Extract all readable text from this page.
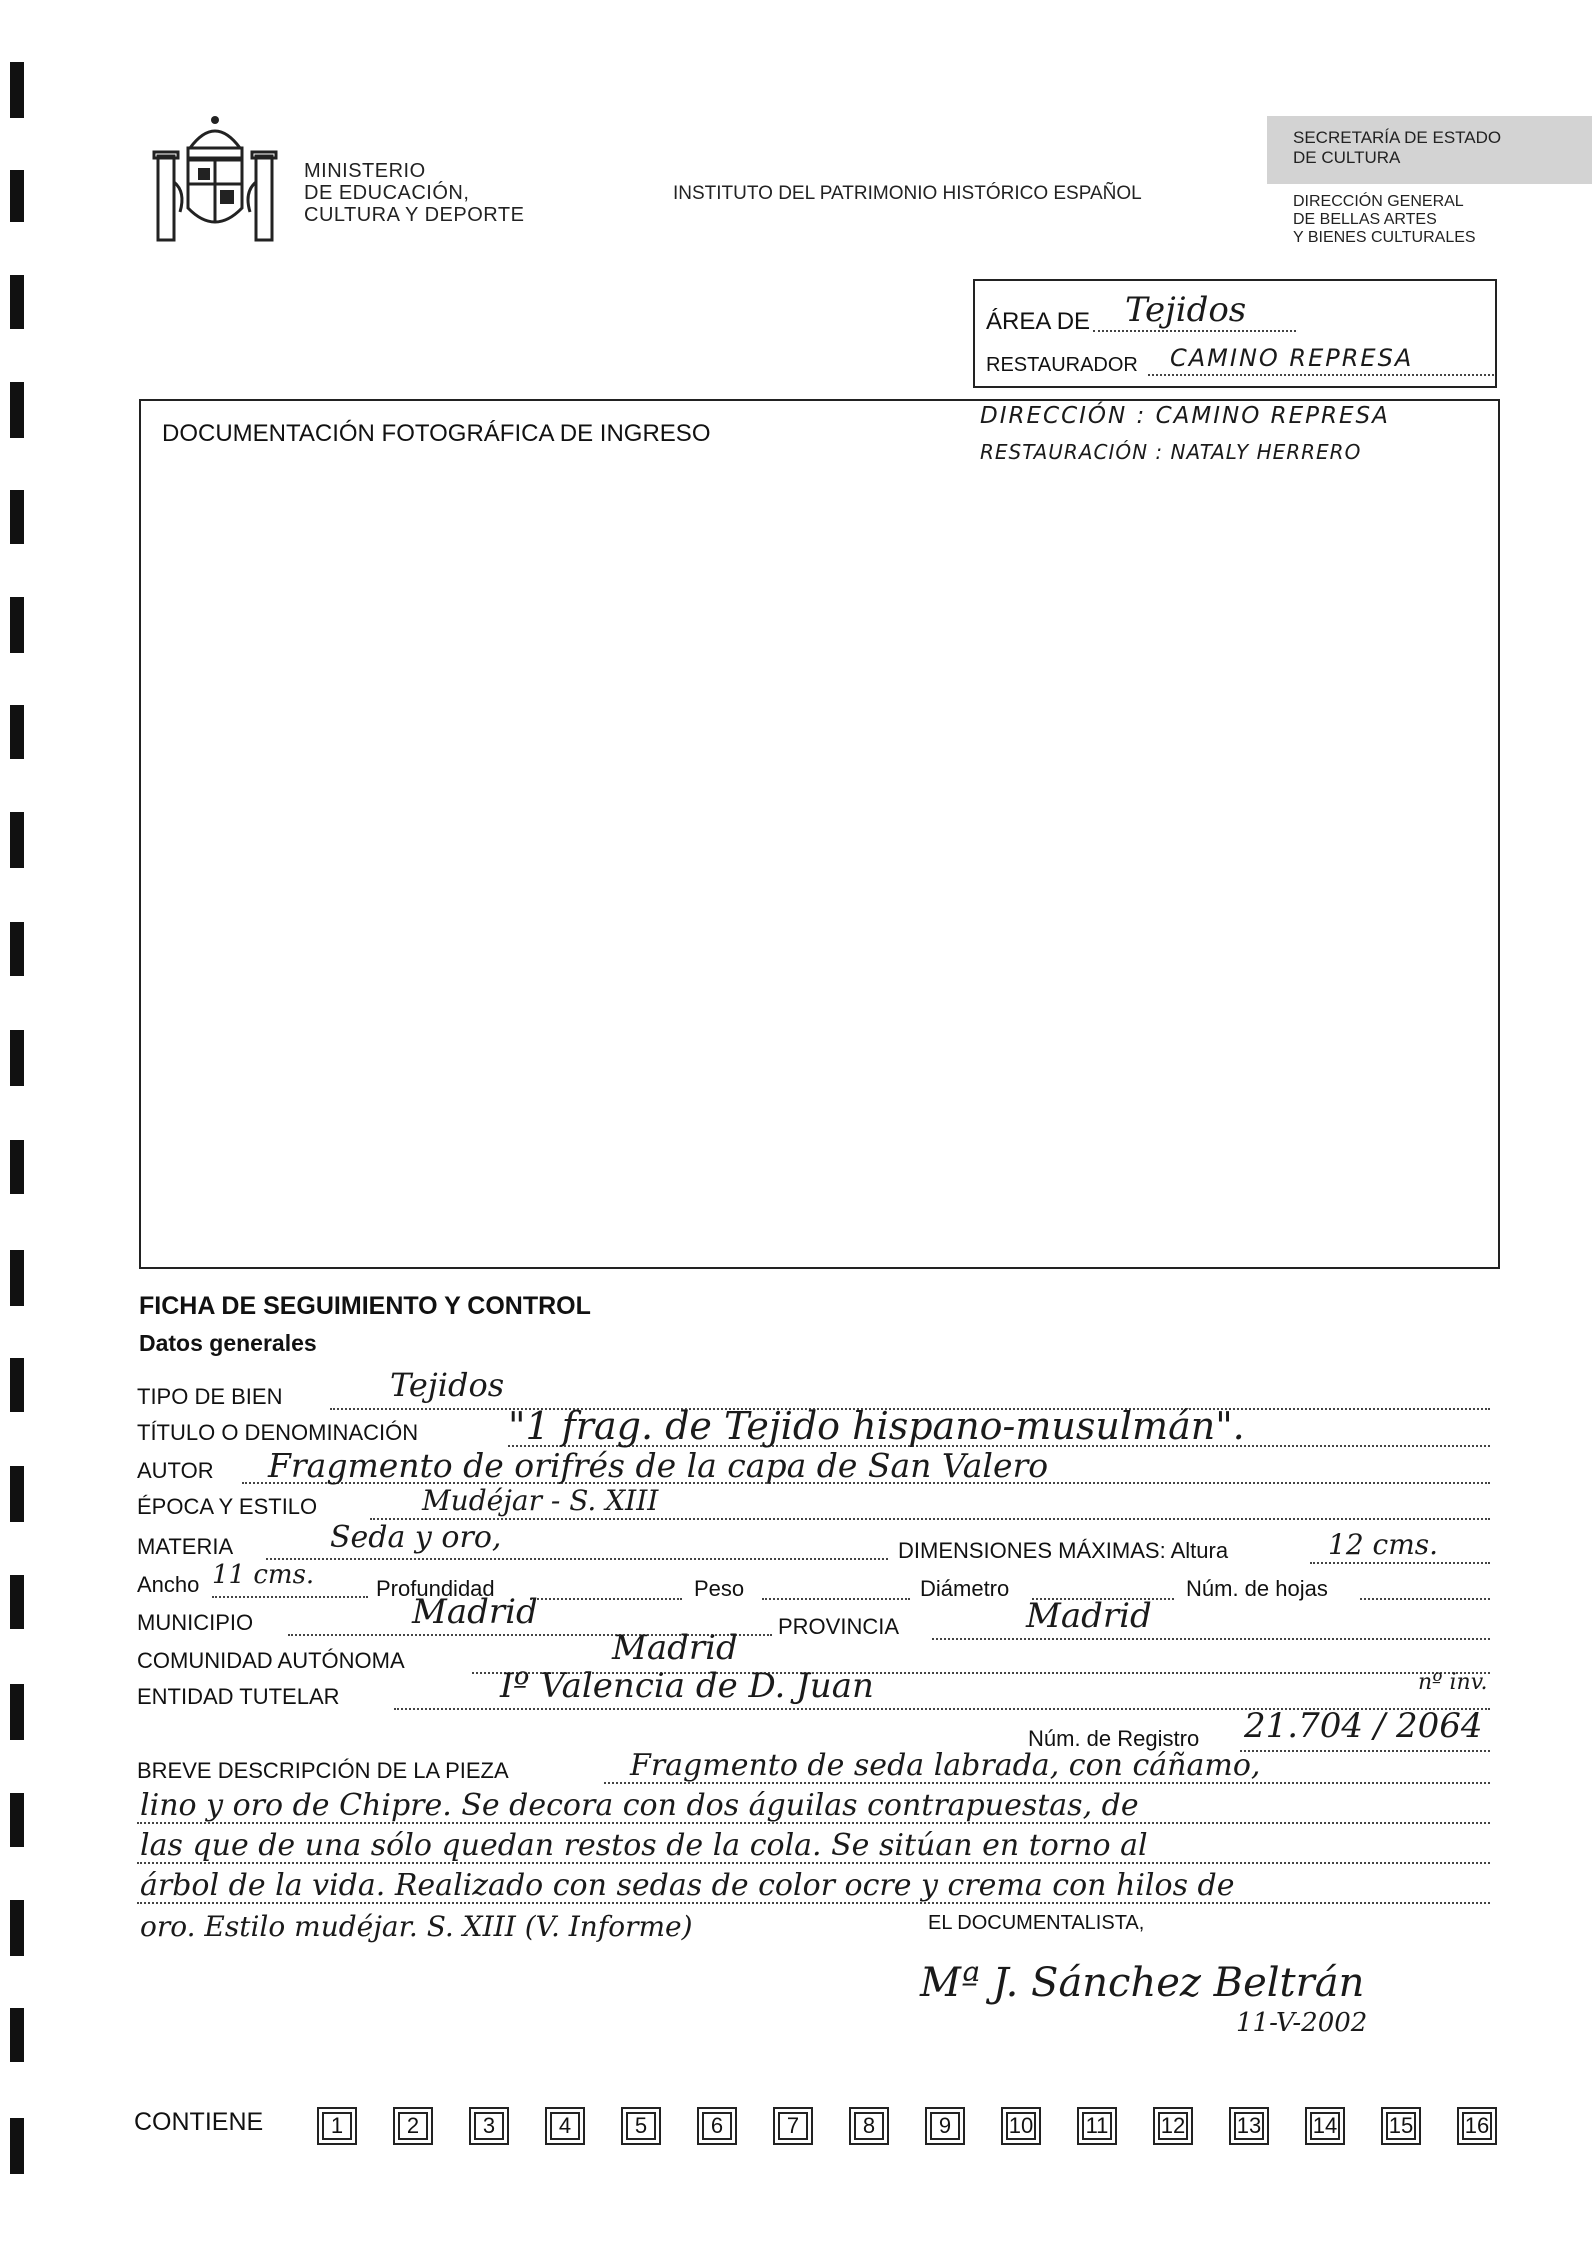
MINISTERIO
DE EDUCACIÓN,
CULTURA Y DEPORTE
INSTITUTO DEL PATRIMONIO HISTÓRICO ESPAÑOL
SECRETARÍA DE ESTADO
DE CULTURA
DIRECCIÓN GENERAL
DE BELLAS ARTES
Y BIENES CULTURALES
ÁREA DE Tejidos
RESTAURADOR CAMINO REPRESA
DIRECCIÓN : CAMINO REPRESA
RESTAURACIÓN : NATALY HERRERO
DOCUMENTACIÓN FOTOGRÁFICA DE INGRESO
FICHA DE SEGUIMIENTO Y CONTROL
Datos generales
TIPO DE BIEN	Tejidos
TÍTULO O DENOMINACIÓN "1 frag. de Tejido hispano-musulmán".
AUTOR Fragmento de orifrés de la capa de San Valero
ÉPOCA Y ESTILO	Mudéjar - S. XIII
MATERIA	Seda y oro,	DIMENSIONES MÁXIMAS: Altura	12 cms.
Ancho 11 cms.	Profundidad	Peso	Diámetro	Núm. de hojas
MUNICIPIO	Madrid	PROVINCIA	Madrid
COMUNIDAD AUTÓNOMA	Madrid
ENTIDAD TUTELAR	Iº Valencia de D. Juan	nº inv.
Núm. de Registro 21.704 / 2064
BREVE DESCRIPCIÓN DE LA PIEZA	Fragmento de seda labrada, con cáñamo,
lino y oro de Chipre. Se decora con dos águilas contrapuestas, de
las que de una sólo quedan restos de la cola. Se sitúan en torno al
árbol de la vida. Realizado con sedas de color ocre y crema con hilos de
oro. Estilo mudéjar. S. XIII (V. Informe)	EL DOCUMENTALISTA,
Mª J. Sánchez Beltrán
11-V-2002
CONTIENE	1	2	3	4	5	6	7	8	9	10 11 12 13 14 15 16
